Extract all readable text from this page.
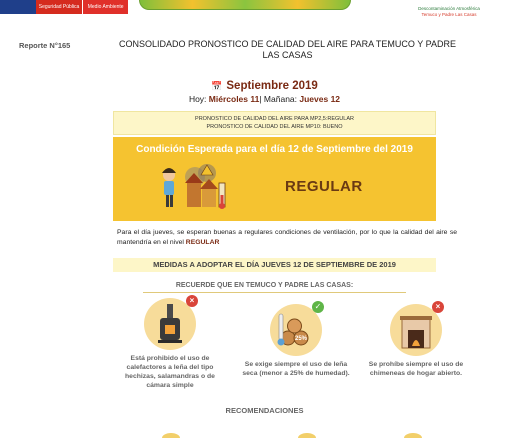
Seguridad Pública	Medio Ambiente	Descontaminación Atmosférica
Temuco y Padre Las Casas
Reporte N°165	CONSOLIDADO PRONOSTICO DE CALIDAD DEL AIRE PARA TEMUCO Y PADRE LAS CASAS
📅 Septiembre 2019
Hoy: Miércoles 11| Mañana: Jueves 12
PRONOSTICO DE CALIDAD DEL AIRE PARA MP2,5:REGULAR
PRONOSTICO DE CALIDAD DEL AIRE MP10: BUENO
Condición Esperada para el día 12 de Septiembre del 2019
REGULAR
Para el día jueves, se esperan buenas a regulares condiciones de ventilación, por lo que la calidad del aire se mantendría en el nivel REGULAR
MEDIDAS A ADOPTAR EL DÍA JUEVES 12 DE SEPTIEMBRE DE 2019
RECUERDE QUE EN TEMUCO Y PADRE LAS CASAS:
×
Está prohibido el uso de calefactores a leña del tipo hechizas, salamandras o de cámara simple
25%
✓
Se exige siempre el uso de leña seca (menor a 25% de humedad).
×
Se prohíbe siempre el uso de chimeneas de hogar abierto.
RECOMENDACIONES
